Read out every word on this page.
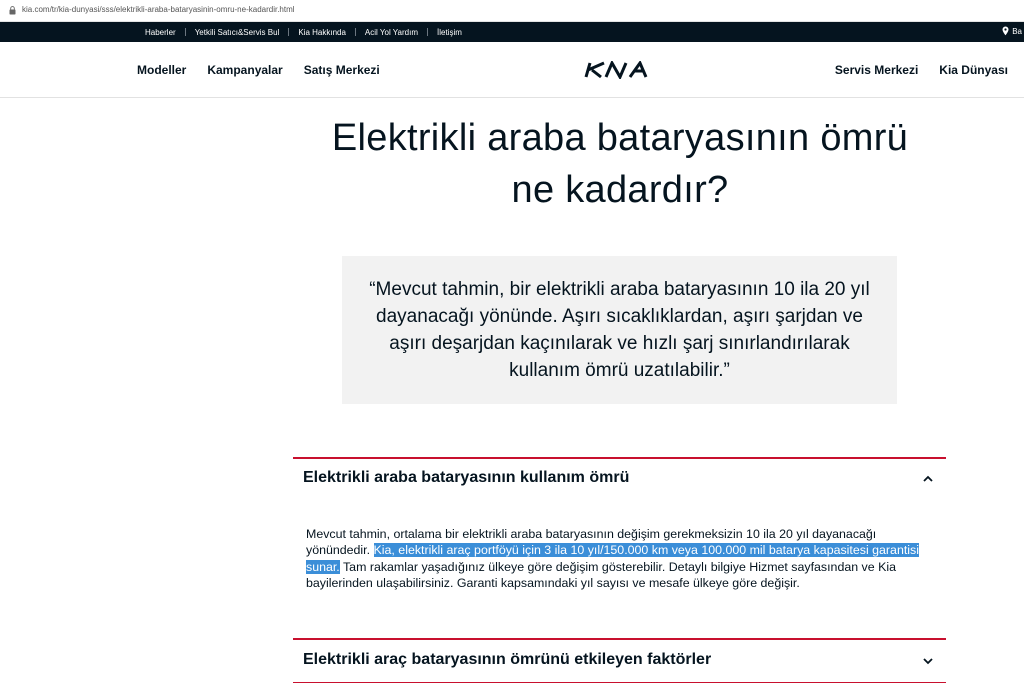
kia.com/tr/kia-dunyasi/sss/elektrikli-araba-bataryasinin-omru-ne-kadardir.html
Haberler	Yetkili Satıcı&Servis Bul	Kia Hakkında	Acil Yol Yardım	İletişim	Ba
Modeller Kampanyalar Satış Merkezi	Servis Merkezi Kia Dünyası
Elektrikli araba bataryasının ömrü
ne kadardır?

“Mevcut tahmin, bir elektrikli araba bataryasının 10 ila 20 yıl dayanacağı yönünde. Aşırı sıcaklıklardan, aşırı şarjdan ve aşırı deşarjdan kaçınılarak ve hızlı şarj sınırlandırılarak kullanım ömrü uzatılabilir.”

Elektrikli araba bataryasının kullanım ömrü
Mevcut tahmin, ortalama bir elektrikli araba bataryasının değişim gerekmeksizin 10 ila 20 yıl dayanacağı yönündedir. Kia, elektrikli araç portföyü için 3 ila 10 yıl/150.000 km veya 100.000 mil batarya kapasitesi garantisi sunar. Tam rakamlar yaşadığınız ülkeye göre değişim gösterebilir. Detaylı bilgiye Hizmet sayfasından ve Kia bayilerinden ulaşabilirsiniz. Garanti kapsamındaki yıl sayısı ve mesafe ülkeye göre değişir.
Elektrikli araç bataryasının ömrünü etkileyen faktörler
